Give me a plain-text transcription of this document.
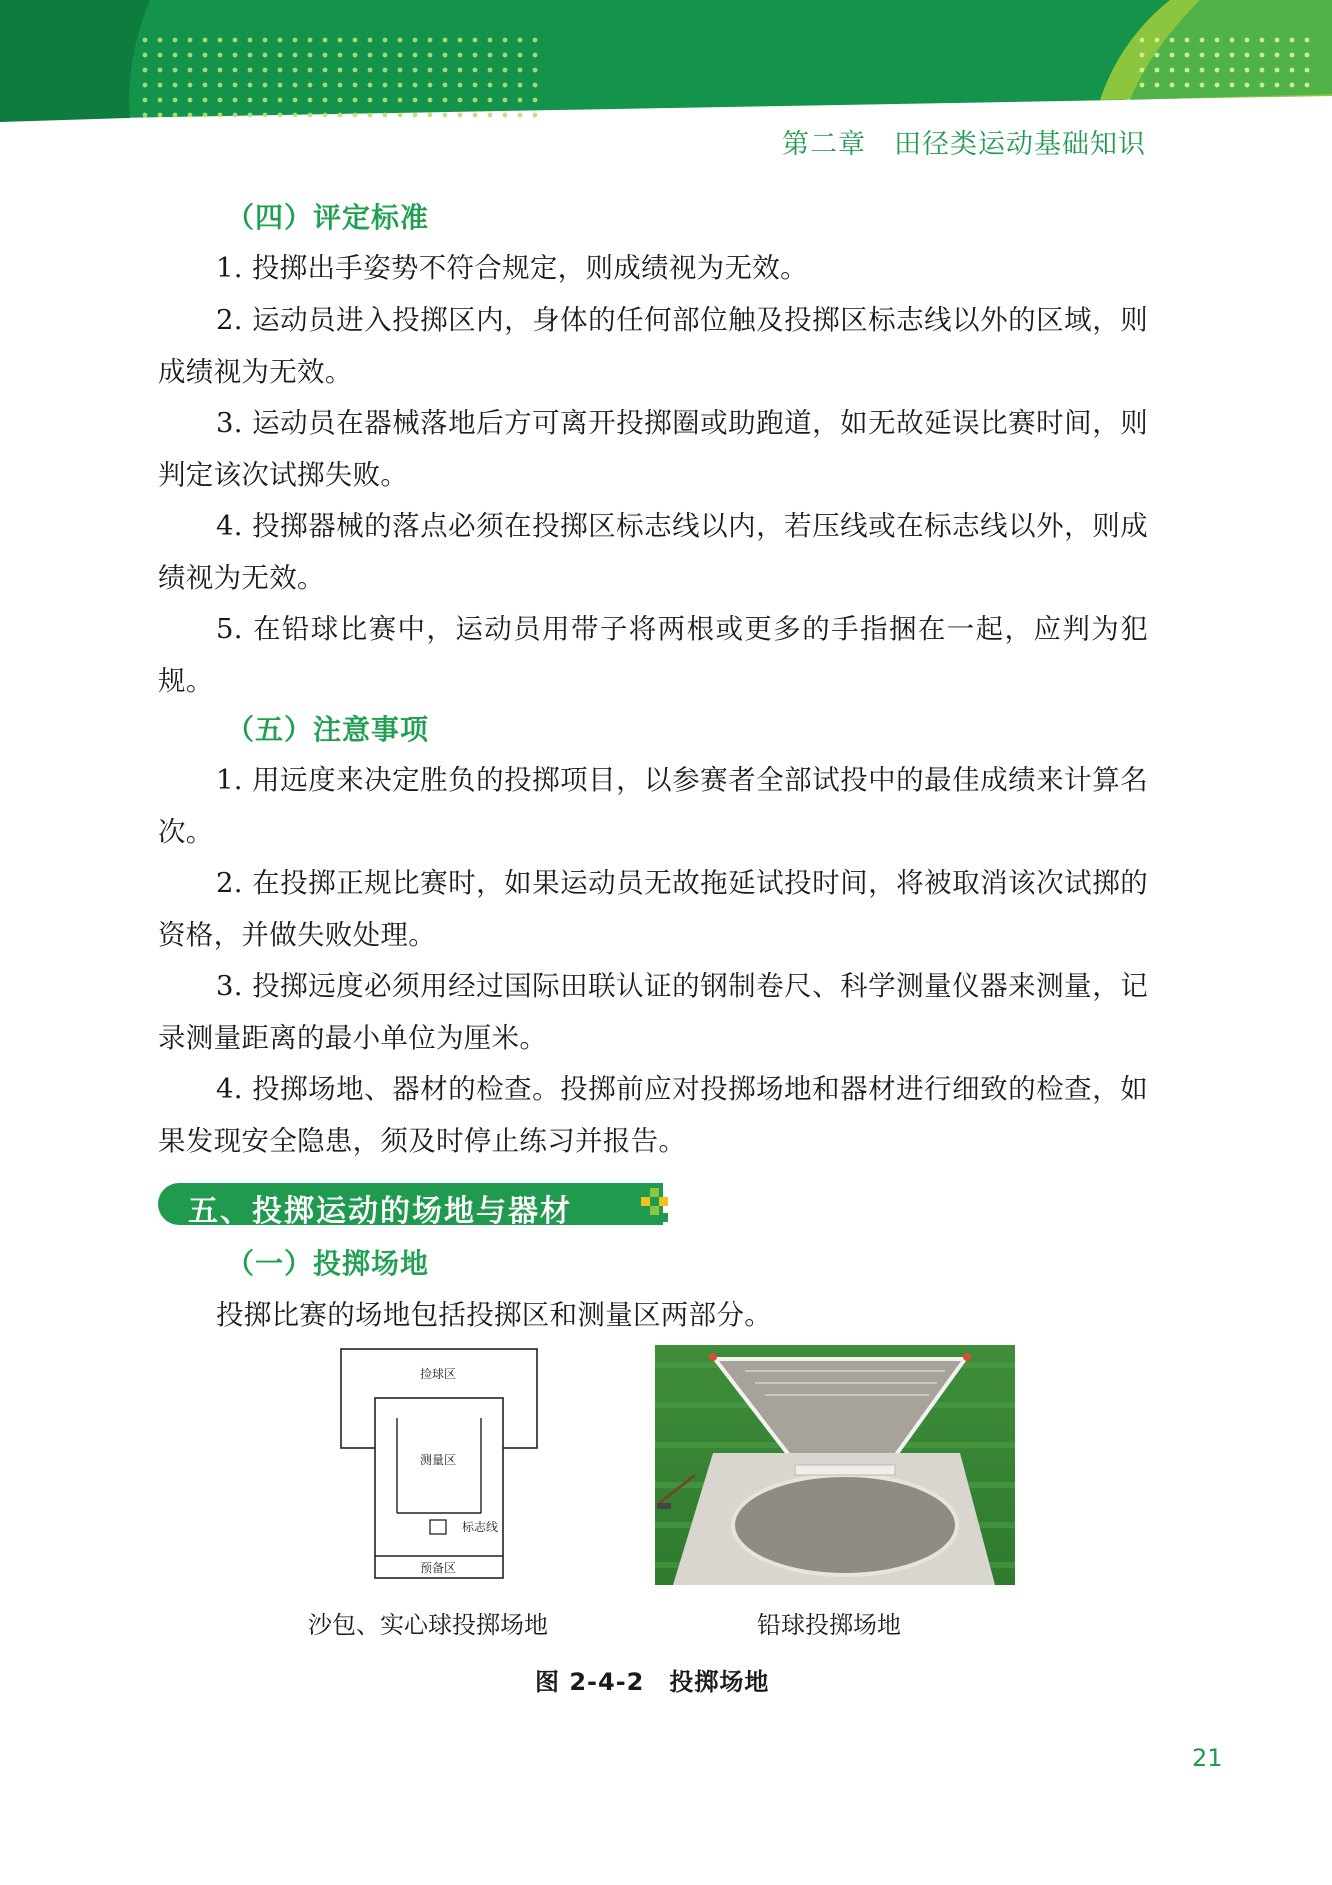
第二章　田径类运动基础知识
（四）评定标准

1. 投掷出手姿势不符合规定，则成绩视为无效。

2. 运动员进入投掷区内，身体的任何部位触及投掷区标志线以外的区域，则成绩视为无效。

3. 运动员在器械落地后方可离开投掷圈或助跑道，如无故延误比赛时间，则判定该次试掷失败。

4. 投掷器械的落点必须在投掷区标志线以内，若压线或在标志线以外，则成绩视为无效。

5. 在铅球比赛中，运动员用带子将两根或更多的手指捆在一起，应判为犯规。

（五）注意事项

1. 用远度来决定胜负的投掷项目，以参赛者全部试投中的最佳成绩来计算名次。

2. 在投掷正规比赛时，如果运动员无故拖延试投时间，将被取消该次试掷的资格，并做失败处理。

3. 投掷远度必须用经过国际田联认证的钢制卷尺、科学测量仪器来测量，记录测量距离的最小单位为厘米。

4. 投掷场地、器材的检查。投掷前应对投掷场地和器材进行细致的检查，如果发现安全隐患，须及时停止练习并报告。

五、投掷运动的场地与器材
（一）投掷场地

投掷比赛的场地包括投掷区和测量区两部分。

捡球区
测量区
标志线
预备区
沙包、实心球投掷场地	铅球投掷场地
图 2-4-2　投掷场地
21
